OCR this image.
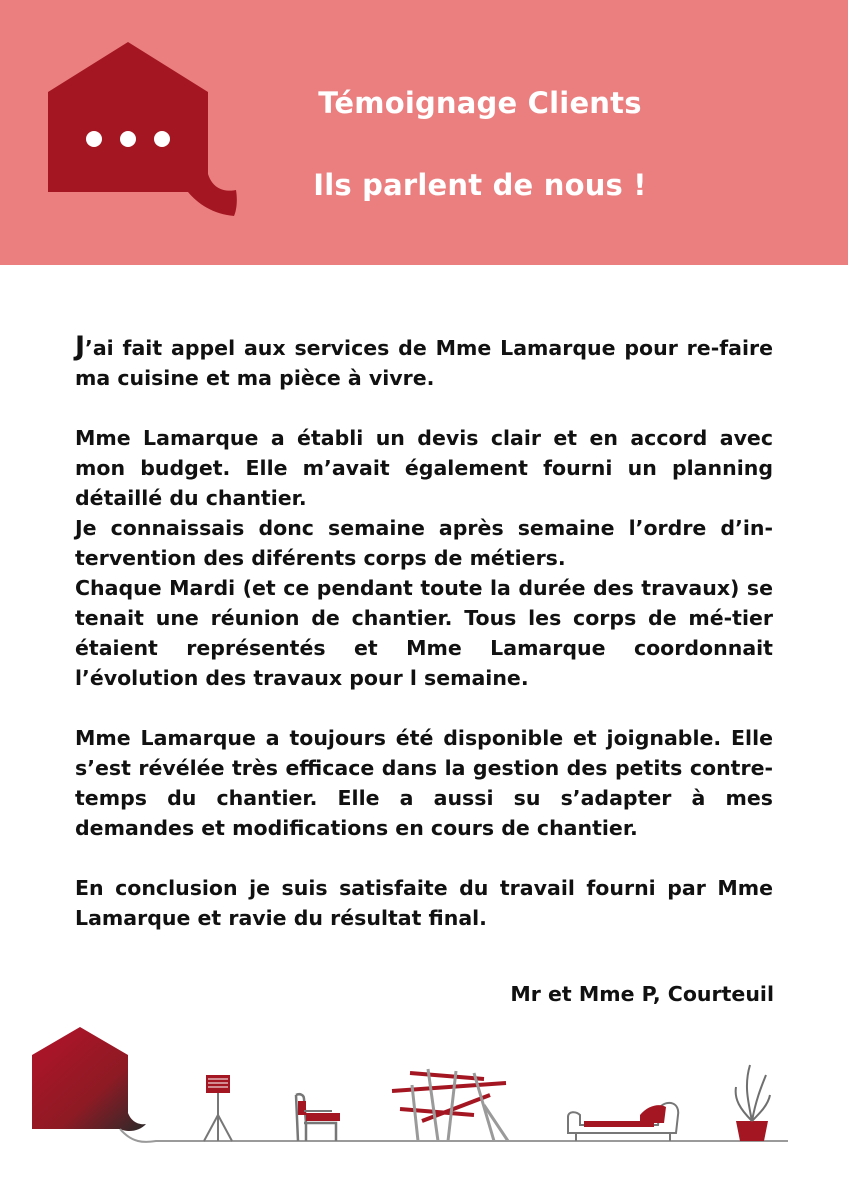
Témoignage Clients
Ils parlent de nous !

J’ai fait appel aux services de Mme Lamarque pour re-faire ma cuisine et ma pièce à vivre.

Mme Lamarque a établi un devis clair et en accord avec mon budget. Elle m’avait également fourni un planning détaillé du chantier.

Je connaissais donc semaine après semaine l’ordre d’in-tervention des diférents corps de métiers.

Chaque Mardi (et ce pendant toute la durée des travaux) se tenait une réunion de chantier. Tous les corps de mé-tier étaient représentés et Mme Lamarque coordonnait l’évolution des travaux pour l semaine.

Mme Lamarque a toujours été disponible et joignable. Elle s’est révélée très efficace dans la gestion des petits contre-temps du chantier. Elle a aussi su s’adapter à mes demandes et modifications en cours de chantier.

En conclusion je suis satisfaite du travail fourni par Mme Lamarque et ravie du résultat final.

Mr et Mme P, Courteuil
